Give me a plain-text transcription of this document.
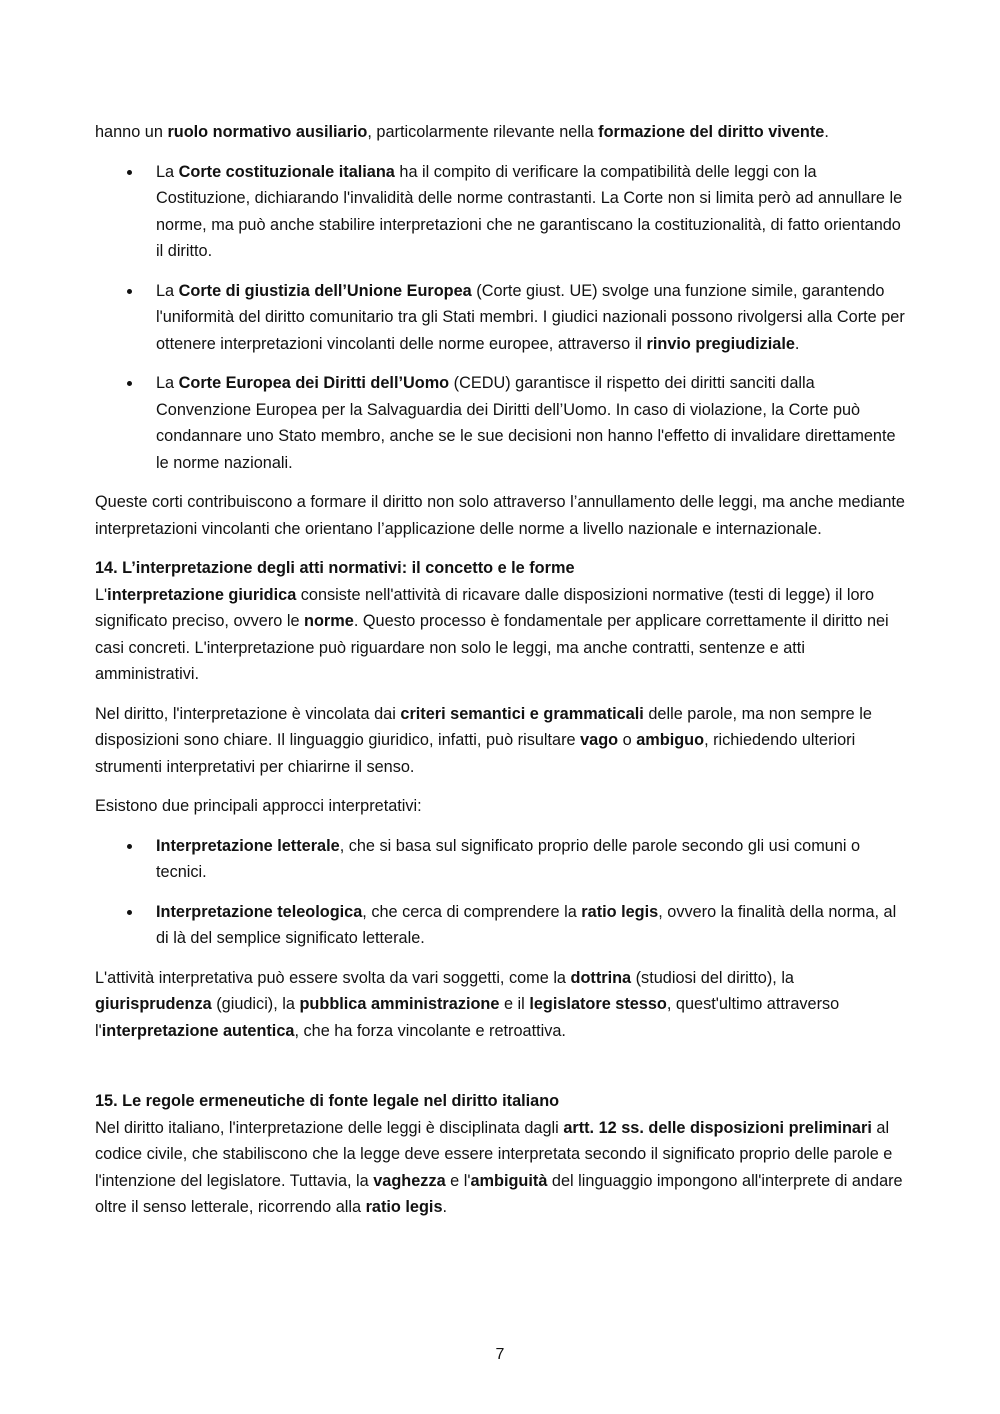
hanno un ruolo normativo ausiliario, particolarmente rilevante nella formazione del diritto vivente.

La Corte costituzionale italiana ha il compito di verificare la compatibilità delle leggi con la Costituzione, dichiarando l'invalidità delle norme contrastanti. La Corte non si limita però ad annullare le norme, ma può anche stabilire interpretazioni che ne garantiscano la costituzionalità, di fatto orientando il diritto.
La Corte di giustizia dell’Unione Europea (Corte giust. UE) svolge una funzione simile, garantendo l'uniformità del diritto comunitario tra gli Stati membri. I giudici nazionali possono rivolgersi alla Corte per ottenere interpretazioni vincolanti delle norme europee, attraverso il rinvio pregiudiziale.
La Corte Europea dei Diritti dell’Uomo (CEDU) garantisce il rispetto dei diritti sanciti dalla Convenzione Europea per la Salvaguardia dei Diritti dell’Uomo. In caso di violazione, la Corte può condannare uno Stato membro, anche se le sue decisioni non hanno l'effetto di invalidare direttamente le norme nazionali.

Queste corti contribuiscono a formare il diritto non solo attraverso l’annullamento delle leggi, ma anche mediante interpretazioni vincolanti che orientano l’applicazione delle norme a livello nazionale e internazionale.

14. L’interpretazione degli atti normativi: il concetto e le forme

L'interpretazione giuridica consiste nell'attività di ricavare dalle disposizioni normative (testi di legge) il loro significato preciso, ovvero le norme. Questo processo è fondamentale per applicare correttamente il diritto nei casi concreti. L'interpretazione può riguardare non solo le leggi, ma anche contratti, sentenze e atti amministrativi.

Nel diritto, l'interpretazione è vincolata dai criteri semantici e grammaticali delle parole, ma non sempre le disposizioni sono chiare. Il linguaggio giuridico, infatti, può risultare vago o ambiguo, richiedendo ulteriori strumenti interpretativi per chiarirne il senso.

Esistono due principali approcci interpretativi:

Interpretazione letterale, che si basa sul significato proprio delle parole secondo gli usi comuni o tecnici.
Interpretazione teleologica, che cerca di comprendere la ratio legis, ovvero la finalità della norma, al di là del semplice significato letterale.

L'attività interpretativa può essere svolta da vari soggetti, come la dottrina (studiosi del diritto), la giurisprudenza (giudici), la pubblica amministrazione e il legislatore stesso, quest'ultimo attraverso l'interpretazione autentica, che ha forza vincolante e retroattiva.

15. Le regole ermeneutiche di fonte legale nel diritto italiano

Nel diritto italiano, l'interpretazione delle leggi è disciplinata dagli artt. 12 ss. delle disposizioni preliminari al codice civile, che stabiliscono che la legge deve essere interpretata secondo il significato proprio delle parole e l'intenzione del legislatore. Tuttavia, la vaghezza e l'ambiguità del linguaggio impongono all'interprete di andare oltre il senso letterale, ricorrendo alla ratio legis.

7
